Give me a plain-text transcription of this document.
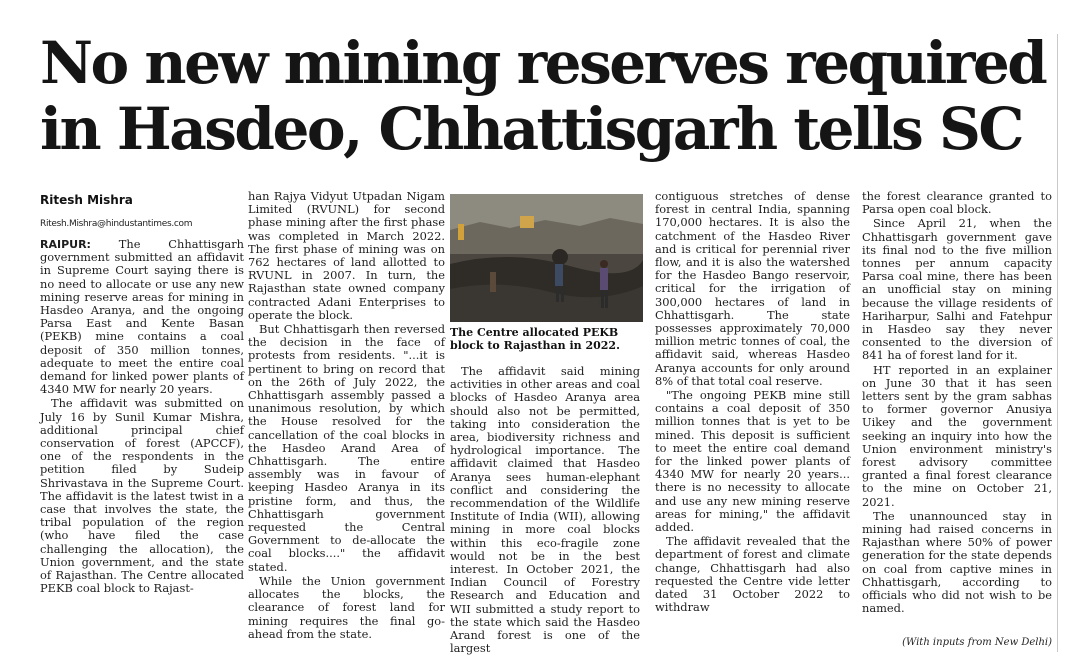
No new mining reserves required
in Hasdeo, Chhattisgarh tells SC
Ritesh Mishra
Ritesh.Mishra@hindustantimes.com

RAIPUR: The Chhattisgarh government submitted an affidavit in Supreme Court saying there is no need to allocate or use any new mining reserve areas for mining in Hasdeo Aranya, and the ongoing Parsa East and Kente Basan (PEKB) mine contains a coal deposit of 350 million tonnes, adequate to meet the entire coal demand for linked power plants of 4340 MW for nearly 20 years.

The affidavit was submitted on July 16 by Sunil Kumar Mishra, additional principal chief conservation of forest (APCCF), one of the respondents in the petition filed by Sudeip Shrivastava in the Supreme Court. The affidavit is the latest twist in a case that involves the state, the tribal population of the region (who have filed the case challenging the allocation), the Union government, and the state of Rajasthan. The Centre allocated PEKB coal block to Rajast-

han Rajya Vidyut Utpadan Nigam Limited (RVUNL) for second phase mining after the first phase was completed in March 2022. The first phase of mining was on 762 hectares of land allotted to RVUNL in 2007. In turn, the Rajasthan state owned company contracted Adani Enterprises to operate the block.

But Chhattisgarh then reversed the decision in the face of protests from residents. "...it is pertinent to bring on record that on the 26th of July 2022, the Chhattisgarh assembly passed a unanimous resolution, by which the House resolved for the cancellation of the coal blocks in the Hasdeo Arand Area of Chhattisgarh. The entire assembly was in favour of keeping Hasdeo Aranya in its pristine form, and thus, the Chhattisgarh government requested the Central Government to de-allocate the coal blocks...." the affidavit stated.

While the Union government allocates the blocks, the clearance of forest land for mining requires the final go-ahead from the state.

The Centre allocated PEKB block to Rajasthan in 2022.

The affidavit said mining activities in other areas and coal blocks of Hasdeo Aranya area should also not be permitted, taking into consideration the area, biodiversity richness and hydrological importance. The affidavit claimed that Hasdeo Aranya sees human-elephant conflict and considering the recommendation of the Wildlife Institute of India (WII), allowing mining in more coal blocks within this eco-fragile zone would not be in the best interest. In October 2021, the Indian Council of Forestry Research and Education and WII submitted a study report to the state which said the Hasdeo Arand forest is one of the largest

contiguous stretches of dense forest in central India, spanning 170,000 hectares. It is also the catchment of the Hasdeo River and is critical for perennial river flow, and it is also the watershed for the Hasdeo Bango reservoir, critical for the irrigation of 300,000 hectares of land in Chhattisgarh. The state possesses approximately 70,000 million metric tonnes of coal, the affidavit said, whereas Hasdeo Aranya accounts for only around 8% of that total coal reserve.

"The ongoing PEKB mine still contains a coal deposit of 350 million tonnes that is yet to be mined. This deposit is sufficient to meet the entire coal demand for the linked power plants of 4340 MW for nearly 20 years... there is no necessity to allocate and use any new mining reserve areas for mining," the affidavit added.

The affidavit revealed that the department of forest and climate change, Chhattisgarh had also requested the Centre vide letter dated 31 October 2022 to withdraw

the forest clearance granted to Parsa open coal block.

Since April 21, when the Chhattisgarh government gave its final nod to the five million tonnes per annum capacity Parsa coal mine, there has been an unofficial stay on mining because the village residents of Hariharpur, Salhi and Fatehpur in Hasdeo say they never consented to the diversion of 841 ha of forest land for it.

HT reported in an explainer on June 30 that it has seen letters sent by the gram sabhas to former governor Anusiya Uikey and the government seeking an inquiry into how the Union environment ministry's forest advisory committee granted a final forest clearance to the mine on October 21, 2021.

The unannounced stay in mining had raised concerns in Rajasthan where 50% of power generation for the state depends on coal from captive mines in Chhattisgarh, according to officials who did not wish to be named.

(With inputs from New Delhi)
